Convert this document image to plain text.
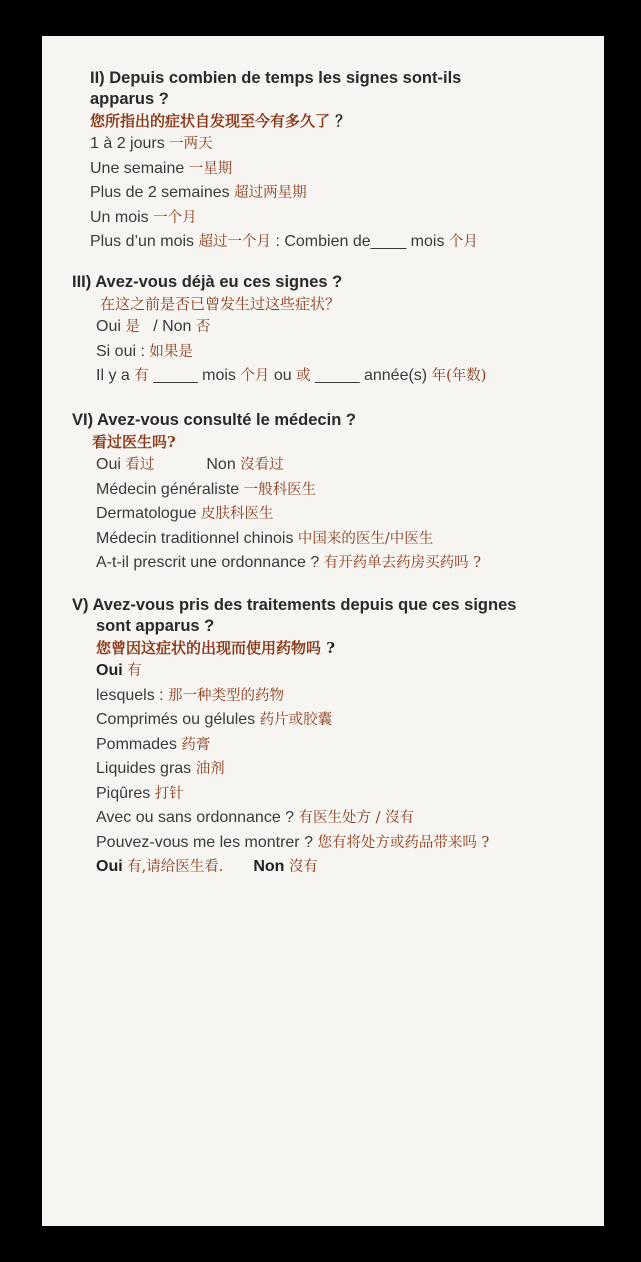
II) Depuis combien de temps les signes sont-ils

apparus ?

您所指出的症状自发现至今有多久了 ？
1 à 2 jours 一两天
Une semaine 一星期
Plus de 2 semaines 超过两星期
Un mois 一个月
Plus d’un mois 超过一个月 : Combien de____ mois 个月

III) Avez-vous déjà eu ces signes ?

在这之前是否已曾发生过这些症状？
Oui 是 / Non 否
Si oui : 如果是
Il y a 有 _____ mois 个月 ou 或 _____ année(s) 年(年数)

VI) Avez-vous consulté le médecin ?

看过医生吗?
Oui 看过	Non 沒看过
Médecin généraliste 一般科医生
Dermatologue 皮肤科医生
Médecin traditionnel chinois 中国来的医生/中医生
A-t-il prescrit une ordonnance ? 有开药单去药房买药吗 ?

V) Avez-vous pris des traitements depuis que ces signes

sont apparus ?

您曾因这症状的出现而使用药物吗 ?
Oui 有
lesquels : 那一种类型的药物
Comprimés ou gélules 药片或胶囊
Pommades 药膏
Liquides gras 油剂
Piqûres 打针
Avec ou sans ordonnance ? 有医生处方 / 沒有
Pouvez-vous me les montrer ? 您有将处方或药品带来吗 ?
Oui 有,请给医生看. Non 沒有
